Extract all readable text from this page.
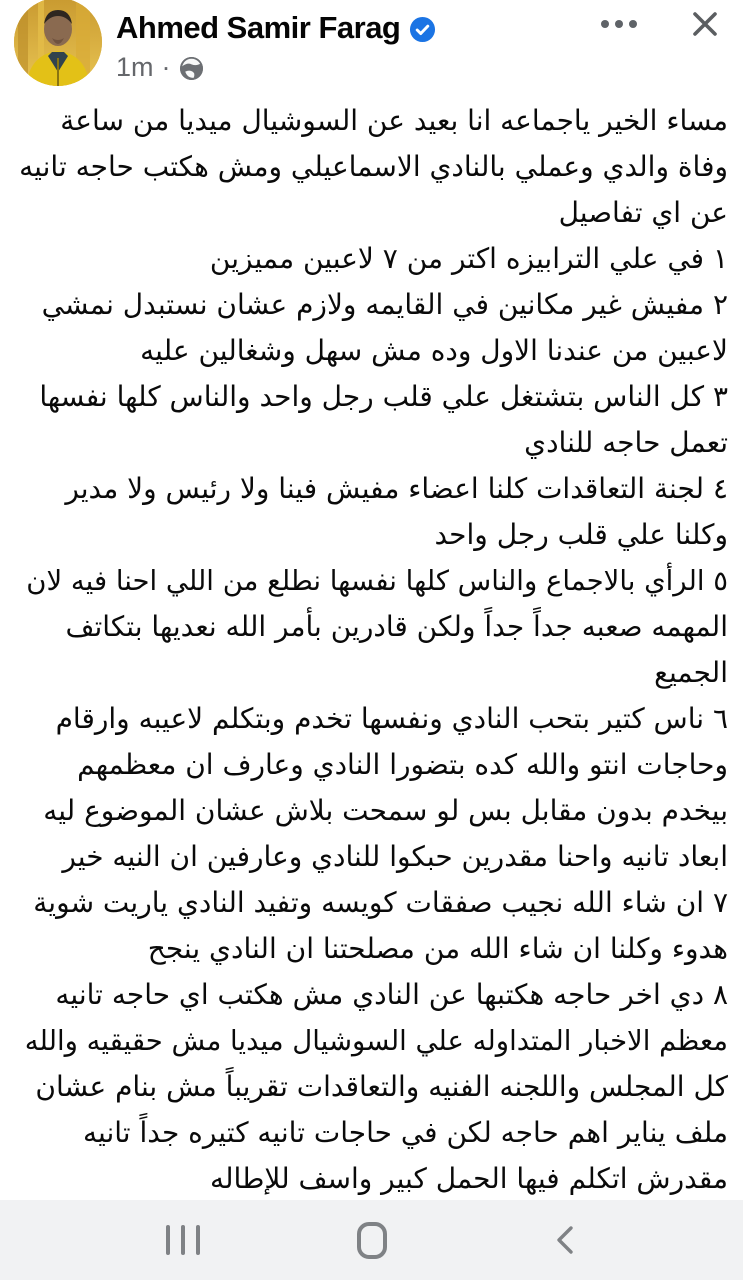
Ahmed Samir Farag
1m ·
مساء الخير ياجماعه انا بعيد عن السوشيال ميديا من ساعة
وفاة والدي وعملي بالنادي الاسماعيلي ومش هكتب حاجه تانيه
عن اي تفاصيل
١ في علي الترابيزه اكتر من ٧ لاعبين مميزين
٢ مفيش غير مكانين في القايمه ولازم عشان نستبدل نمشي
لاعبين من عندنا الاول وده مش سهل وشغالين عليه
٣ كل الناس بتشتغل علي قلب رجل واحد والناس كلها نفسها
تعمل حاجه للنادي
٤ لجنة التعاقدات كلنا اعضاء مفيش فينا ولا رئيس ولا مدير
وكلنا علي قلب رجل واحد
٥ الرأي بالاجماع والناس كلها نفسها نطلع من اللي احنا فيه لان
المهمه صعبه جداً جداً ولكن قادرين بأمر الله نعديها بتكاتف
الجميع
٦ ناس كتير بتحب النادي ونفسها تخدم وبتكلم لاعيبه وارقام
وحاجات انتو والله كده بتضورا النادي وعارف ان معظمهم
بيخدم بدون مقابل بس لو سمحت بلاش عشان الموضوع ليه
ابعاد تانيه واحنا مقدرين حبكوا للنادي وعارفين ان النيه خير
٧ ان شاء الله نجيب صفقات كويسه وتفيد النادي ياريت شوية
هدوء وكلنا ان شاء الله من مصلحتنا ان النادي ينجح
٨ دي اخر حاجه هكتبها عن النادي مش هكتب اي حاجه تانيه
معظم الاخبار المتداوله علي السوشيال ميديا مش حقيقيه والله
كل المجلس واللجنه الفنيه والتعاقدات تقريباً مش بنام عشان
ملف يناير اهم حاجه لكن في حاجات تانيه كتيره جداً تانيه
مقدرش اتكلم فيها الحمل كبير واسف للإطاله
